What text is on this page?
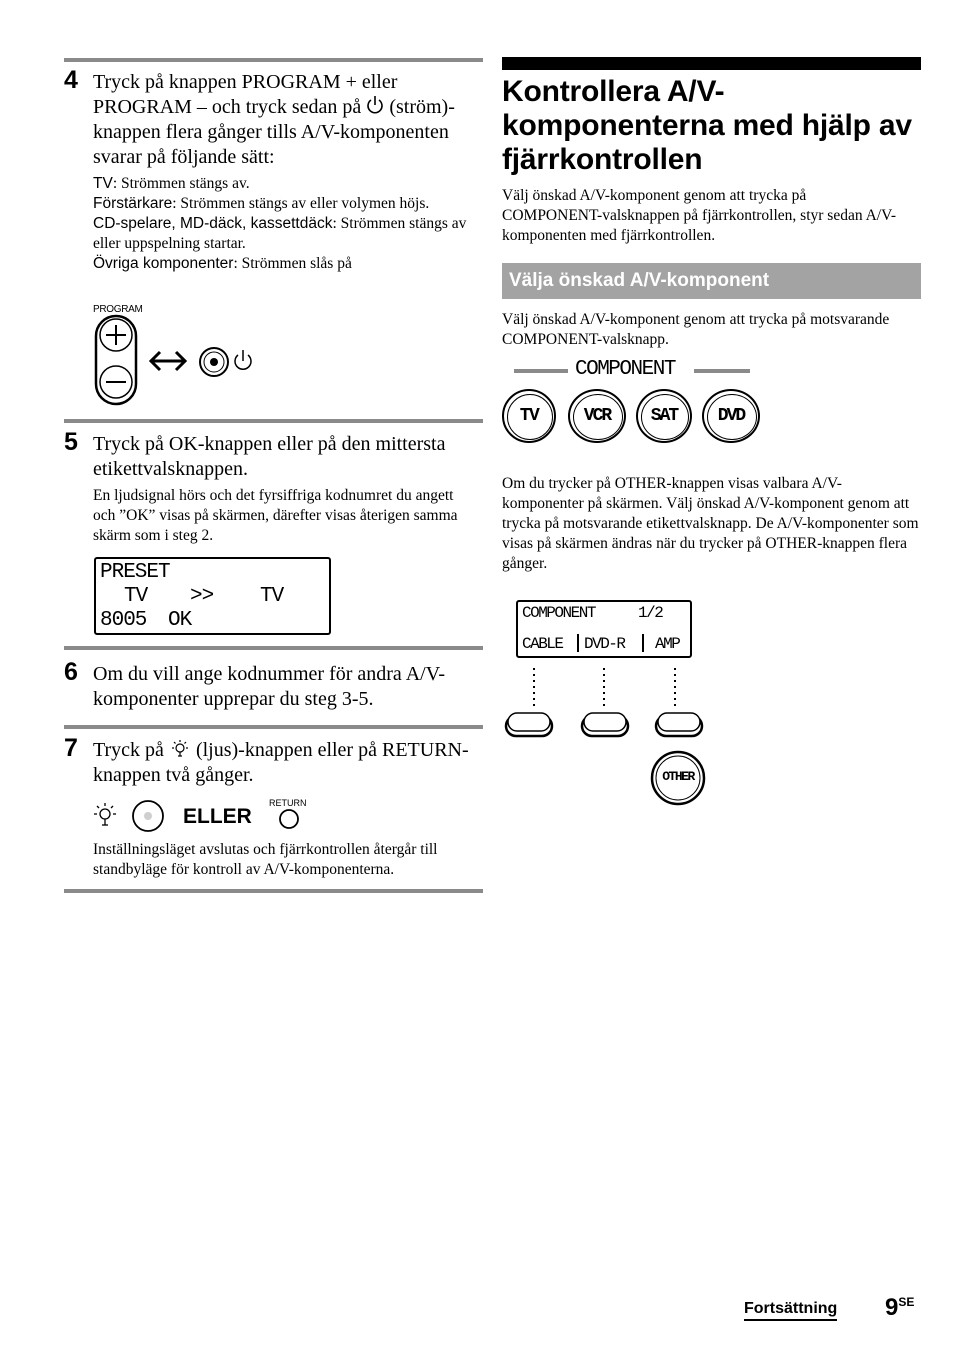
4 Tryck på knappen PROGRAM + eller PROGRAM – och tryck sedan på (ström)-knappen flera gånger tills A/V-komponenten svarar på följande sätt:
TV: Strömmen stängs av.
Förstärkare: Strömmen stängs av eller volymen höjs.
CD-spelare, MD-däck, kassettdäck: Strömmen stängs av eller uppspelning startar.
Övriga komponenter: Strömmen slås på
PROGRAM
5 Tryck på OK-knappen eller på den mittersta etikettvalsknappen.
En ljudsignal hörs och det fyrsiffriga kodnumret du angett och ”OK” visas på skärmen, därefter visas återigen samma skärm som i steg 2.
PRESET
TV >> TV
8005 OK
6 Om du vill ange kodnummer för andra A/V-komponenter upprepar du steg 3-5.
7 Tryck på (ljus)-knappen eller på RETURN-knappen två gånger.
ELLER
RETURN
Inställningsläget avslutas och fjärrkontrollen återgår till standbyläge för kontroll av A/V-komponenterna.
Kontrollera A/V-komponenterna med hjälp av fjärrkontrollen
Välj önskad A/V-komponent genom att trycka på COMPONENT-valsknappen på fjärrkontrollen, styr sedan A/V-komponenten med fjärrkontrollen.
Välja önskad A/V-komponent
Välj önskad A/V-komponent genom att trycka på motsvarande COMPONENT-valsknapp.
COMPONENT
TV	VCR	SAT	DVD
Om du trycker på OTHER-knappen visas valbara A/V-komponenter på skärmen. Välj önskad A/V-komponent genom att trycka på motsvarande etikettvalsknapp. De A/V-komponenter som visas på skärmen ändras när du trycker på OTHER-knappen flera gånger.
COMPONENT	1/2
CABLE DVD-R AMP
OTHER
Fortsättning $9^{SE}$
